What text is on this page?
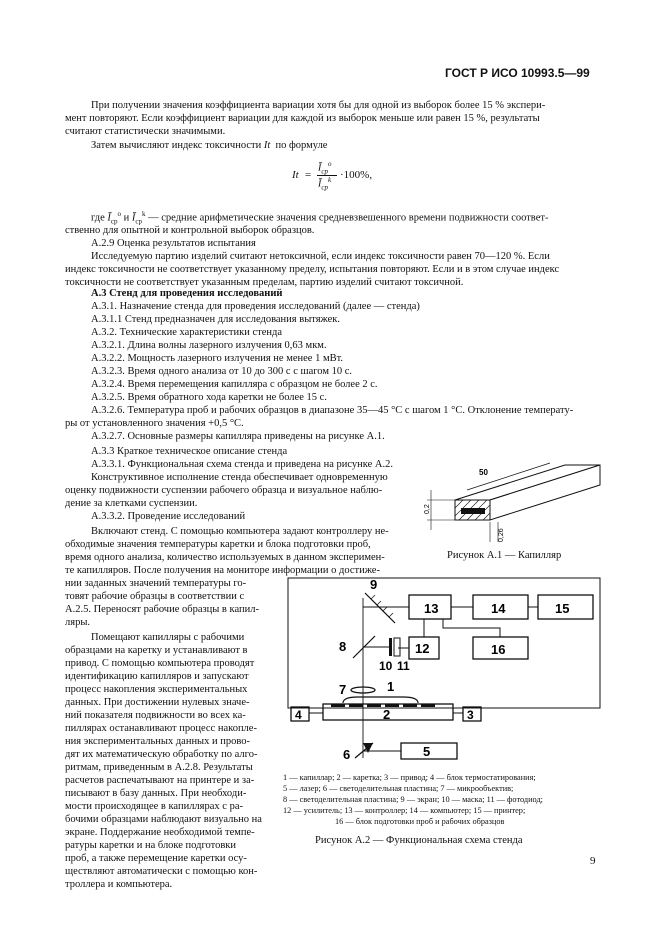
ГОСТ Р ИСО 10993.5—99
При получении значения коэффициента вариации хотя бы для одной из выборок более 15 % экспери-
мент повторяют. Если коэффициент вариации для каждой из выборок меньше или равен 15 %, результаты
считают статистически значимыми.
Затем вычисляют индекс токсичности It по формуле
It =
$Ī_{ср}^о$
$Ī_{ср}^k \cdot 100\%$,
где $Ī_{ср}^о$ и $Ī_{ср}^k$ — средние арифметические значения средневзвешенного времени подвижности соответ-
ственно для опытной и контрольной выборок образцов.
А.2.9 Оценка результатов испытания
Исследуемую партию изделий считают нетоксичной, если индекс токсичности равен 70—120 %. Если
индекс токсичности не соответствует указанному пределу, испытания повторяют. Если и в этом случае индекс
токсичности не соответствует указанным пределам, партию изделий считают токсичной.
А.3 Стенд для проведения исследований
А.3.1. Назначение стенда для проведения исследований (далее — стенда)
А.3.1.1 Стенд предназначен для исследования вытяжек.
А.3.2. Технические характеристики стенда
А.3.2.1. Длина волны лазерного излучения 0,63 мкм.
А.3.2.2. Мощность лазерного излучения не менее 1 мВт.
А.3.2.3. Время одного анализа от 10 до 300 с с шагом 10 с.
А.3.2.4. Время перемещения капилляра с образцом не более 2 с.
А.3.2.5. Время обратного хода каретки не более 15 с.
А.3.2.6. Температура проб и рабочих образцов в диапазоне 35—45 °С с шагом 1 °С. Отклонение температу-
ры от установленного значения +0,5 °С.
А.3.2.7. Основные размеры капилляра приведены на рисунке А.1.
А.3.3 Краткое техническое описание стенда
А.3.3.1. Функциональная схема стенда и приведена на рисунке А.2.
Конструктивное исполнение стенда обеспечивает одновременную
оценку подвижности суспензии рабочего образца и визуальное наблю-
дение за клетками суспензии.
А.3.3.2. Проведение исследований
Включают стенд. С помощью компьютера задают контроллеру не-
обходимые значения температуры каретки и блока подготовки проб,
время одного анализа, количество используемых в данном эксперимен-
те капилляров. После получения на мониторе информации о достиже-
нии заданных значений температуры го-
товят рабочие образцы в соответствии с
А.2.5. Переносят рабочие образцы в капил-
ляры.
Помещают капилляры с рабочими
образцами на каретку и устанавливают в
привод. С помощью компьютера проводят
идентификацию капилляров и запускают
процесс накопления экспериментальных
данных. При достижении нулевых значе-
ний показателя подвижности во всех ка-
пиллярах останавливают процесс накопле-
ния экспериментальных данных и прово-
дят их математическую обработку по алго-
ритмам, приведенным в А.2.8. Результаты
расчетов распечатывают на принтере и за-
писывают в базу данных. При необходи-
мости происходящее в капиллярах с ра-
бочими образцами наблюдают визуально на
экране. Поддержание необходимой темпе-
ратуры каретки и на блоке подготовки
проб, а также перемещение каретки осу-
ществляют автоматически с помощью кон-
троллера и компьютера.
50
0,2
0,26
Рисунок А.1 — Капилляр
13	14	15
12	16
9
8
10 11
7	1
2
4	3
6	5
1 — капиллар; 2 — каретка; 3 — привод; 4 — блок термостатирования;
5 — лазер; 6 — светоделительная пластина; 7 — микрообъектив;
8 — светоделительная пластина; 9 — экран; 10 — маска; 11 — фотодиод;
12 — усилитель; 13 — контроллер; 14 — компьютер; 15 — принтер;
16 — блок подготовки проб и рабочих образцов
Рисунок А.2 — Функциональная схема стенда
9
